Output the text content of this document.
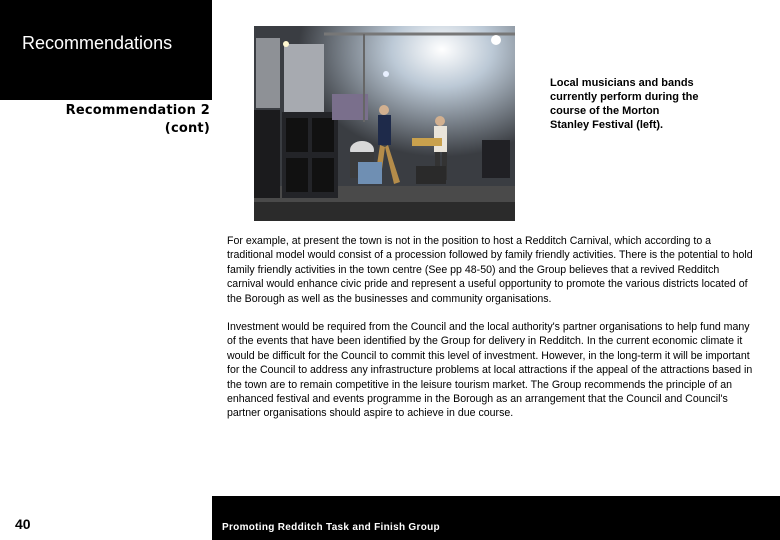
Recommendations
Recommendation 2
(cont)
Local musicians and bands currently perform during the course of the Morton Stanley Festival (left).

For example, at present the town is not in the position to host a Redditch Carnival, which according to a traditional model would consist of a procession followed by family friendly activities. There is the potential to hold family friendly activities in the town centre (See pp 48-50) and the Group believes that a revived Redditch carnival would enhance civic pride and represent a useful opportunity to promote the various districts located of the Borough as well as the businesses and community organisations.

Investment would be required from the Council and the local authority's partner organisations to help fund many of the events that have been identified by the Group for delivery in Redditch. In the current economic climate it would be difficult for the Council to commit this level of investment. However, in the long-term it will be important for the Council to address any infrastructure problems at local attractions if the appeal of the attractions based in the town are to remain competitive in the leisure tourism market. The Group recommends the principle of an enhanced festival and events programme in the Borough as an arrangement that the Council and Council's partner organisations should aspire to achieve in due course.

Promoting Redditch Task and Finish Group
40
